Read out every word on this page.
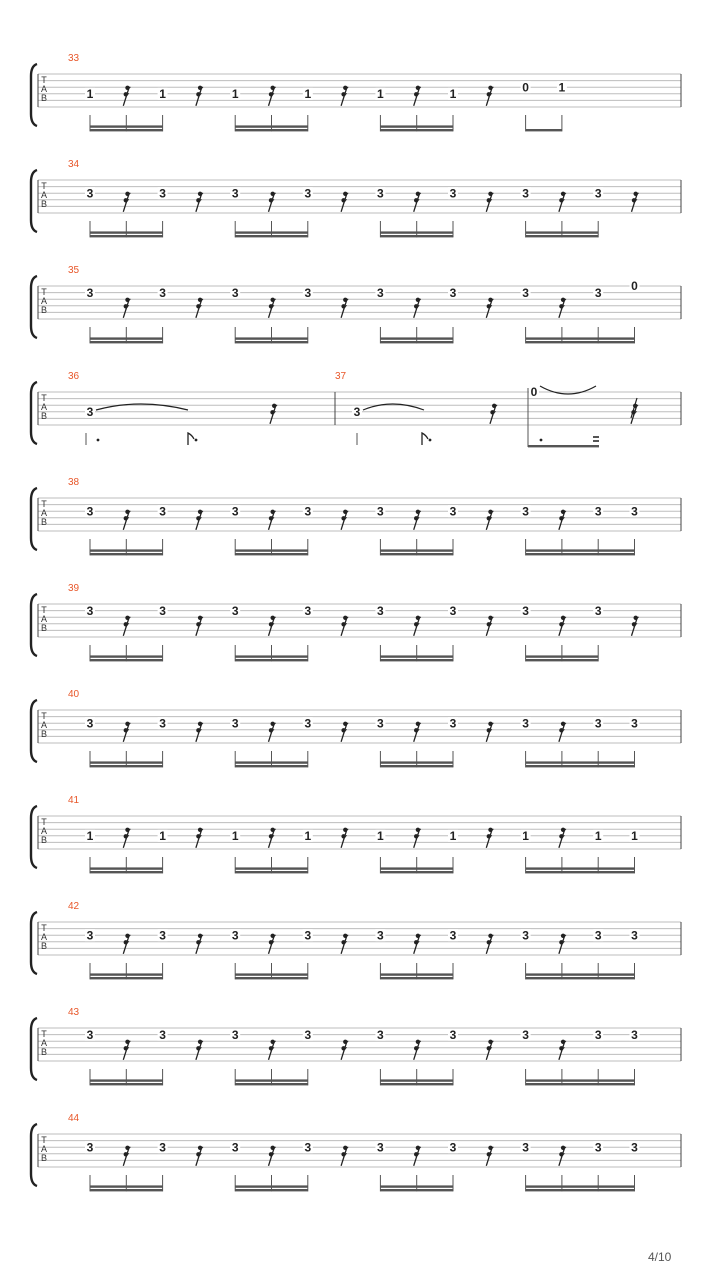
T
A
B
33
1	1	1	1	1	1	0 1
T
A
B
34
3	3	3	3	3	3	3	3
T
A
B
35
3	3	3	3	3	3	3	3 0
T
A
B
36	37
3	3
0
T
A
B
38
3	3	3	3	3	3	3	3 3
T
A
B
39
3	3	3	3	3	3	3	3
T
A
B
40
3	3	3	3	3	3	3	3 3
T
A
B
41
1	1	1	1	1	1	1	1 1
T
A
B
42
3	3	3	3	3	3	3	3 3
T
A
B
43
3	3	3	3	3	3	3	3 3
T
A
B
44
3	3	3	3	3	3	3	3 3
4/10
